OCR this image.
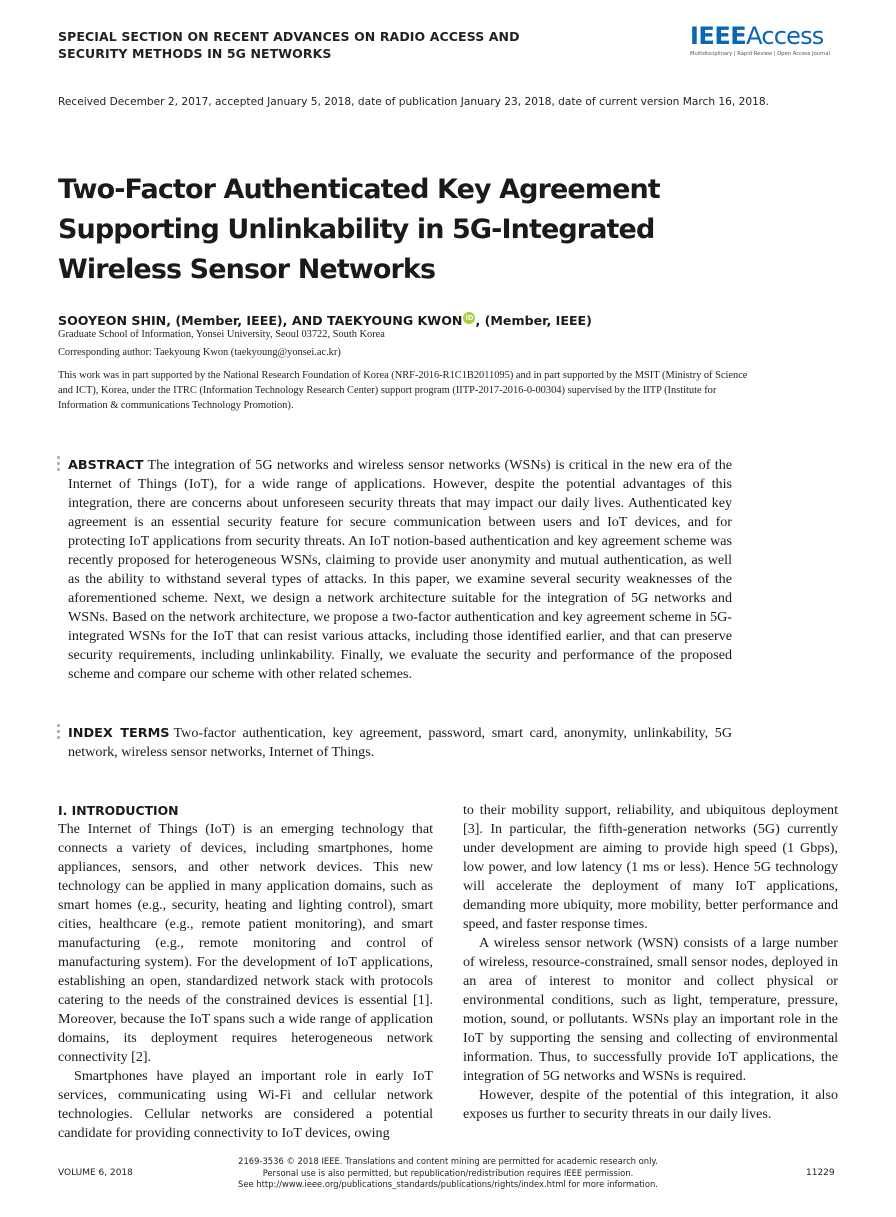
SPECIAL SECTION ON RECENT ADVANCES ON RADIO ACCESS AND
SECURITY METHODS IN 5G NETWORKS
IEEEAccess
Multidisciplinary | Rapid Review | Open Access Journal
Received December 2, 2017, accepted January 5, 2018, date of publication January 23, 2018, date of current version March 16, 2018.
Two-Factor Authenticated Key Agreement Supporting Unlinkability in 5G-Integrated Wireless Sensor Networks
SOOYEON SHIN, (Member, IEEE), AND TAEKYOUNG KWON iD , (Member, IEEE)
Graduate School of Information, Yonsei University, Seoul 03722, South Korea
Corresponding author: Taekyoung Kwon (taekyoung@yonsei.ac.kr)

This work was in part supported by the National Research Foundation of Korea (NRF-2016-R1C1B2011095) and in part supported by the MSIT (Ministry of Science and ICT), Korea, under the ITRC (Information Technology Research Center) support program (IITP-2017-2016-0-00304) supervised by the IITP (Institute for Information & communications Technology Promotion).

ABSTRACT The integration of 5G networks and wireless sensor networks (WSNs) is critical in the new era of the Internet of Things (IoT), for a wide range of applications. However, despite the potential advantages of this integration, there are concerns about unforeseen security threats that may impact our daily lives. Authenticated key agreement is an essential security feature for secure communication between users and IoT devices, and for protecting IoT applications from security threats. An IoT notion-based authentication and key agreement scheme was recently proposed for heterogeneous WSNs, claiming to provide user anonymity and mutual authentication, as well as the ability to withstand several types of attacks. In this paper, we examine several security weaknesses of the aforementioned scheme. Next, we design a network architecture suitable for the integration of 5G networks and WSNs. Based on the network architecture, we propose a two-factor authentication and key agreement scheme in 5G-integrated WSNs for the IoT that can resist various attacks, including those identified earlier, and that can preserve security requirements, including unlinkability. Finally, we evaluate the security and performance of the proposed scheme and compare our scheme with other related schemes.

INDEX TERMS Two-factor authentication, key agreement, password, smart card, anonymity, unlinkability, 5G network, wireless sensor networks, Internet of Things.

I. INTRODUCTION

The Internet of Things (IoT) is an emerging technology that connects a variety of devices, including smartphones, home appliances, sensors, and other network devices. This new technology can be applied in many application domains, such as smart homes (e.g., security, heating and lighting control), smart cities, healthcare (e.g., remote patient monitoring), and smart manufacturing (e.g., remote monitoring and control of manufacturing system). For the development of IoT applications, establishing an open, standardized network stack with protocols catering to the needs of the constrained devices is essential [1]. Moreover, because the IoT spans such a wide range of application domains, its deployment requires heterogeneous network connectivity [2].

Smartphones have played an important role in early IoT services, communicating using Wi-Fi and cellular network technologies. Cellular networks are considered a potential candidate for providing connectivity to IoT devices, owing

to their mobility support, reliability, and ubiquitous deployment [3]. In particular, the fifth-generation networks (5G) currently under development are aiming to provide high speed (1 Gbps), low power, and low latency (1 ms or less). Hence 5G technology will accelerate the deployment of many IoT applications, demanding more ubiquity, more mobility, better performance and speed, and faster response times.

A wireless sensor network (WSN) consists of a large number of wireless, resource-constrained, small sensor nodes, deployed in an area of interest to monitor and collect physical or environmental conditions, such as light, temperature, pressure, motion, sound, or pollutants. WSNs play an important role in the IoT by supporting the sensing and collecting of environmental information. Thus, to successfully provide IoT applications, the integration of 5G networks and WSNs is required.

However, despite of the potential of this integration, it also exposes us further to security threats in our daily lives.

2169-3536 © 2018 IEEE. Translations and content mining are permitted for academic research only.
Personal use is also permitted, but republication/redistribution requires IEEE permission.
See http://www.ieee.org/publications_standards/publications/rights/index.html for more information.
VOLUME 6, 2018	11229
